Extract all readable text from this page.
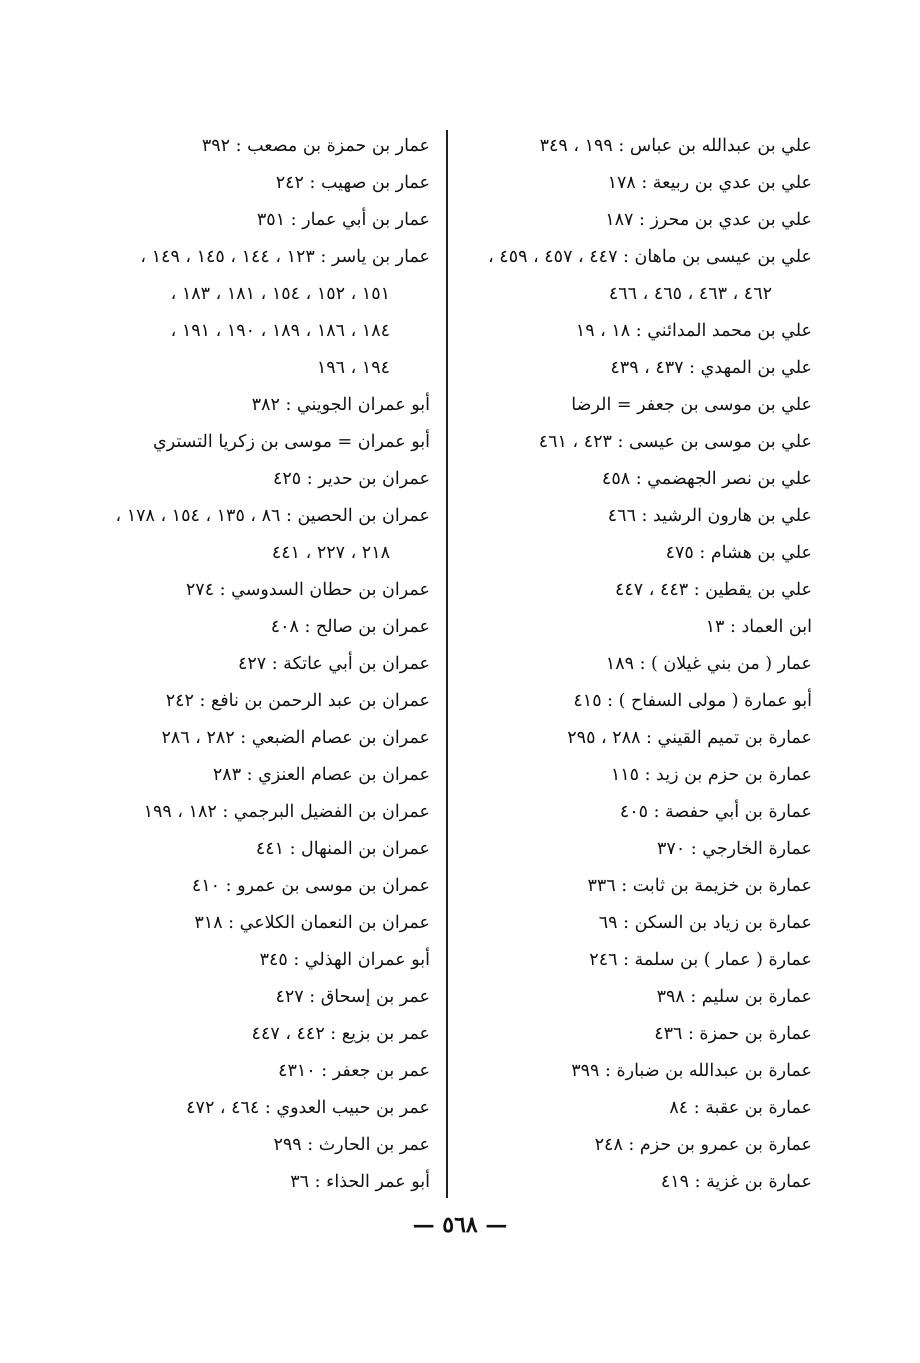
علي بن عبدالله بن عباس : ١٩٩ ، ٣٤٩
علي بن عدي بن ربيعة : ١٧٨
علي بن عدي بن محرز : ١٨٧
علي بن عيسى بن ماهان : ٤٤٧ ، ٤٥٧ ، ٤٥٩ ،
٤٦٢ ، ٤٦٣ ، ٤٦٥ ، ٤٦٦
علي بن محمد المدائني : ١٨ ، ١٩
علي بن المهدي : ٤٣٧ ، ٤٣٩
علي بن موسى بن جعفر = الرضا
علي بن موسى بن عيسى : ٤٢٣ ، ٤٦١
علي بن نصر الجهضمي : ٤٥٨
علي بن هارون الرشيد : ٤٦٦
علي بن هشام : ٤٧٥
علي بن يقطين : ٤٤٣ ، ٤٤٧
ابن العماد : ١٣
عمار ( من بني غيلان ) : ١٨٩
أبو عمارة ( مولى السفاح ) : ٤١٥
عمارة بن تميم القيني : ٢٨٨ ، ٢٩٥
عمارة بن حزم بن زيد : ١١٥
عمارة بن أبي حفصة : ٤٠٥
عمارة الخارجي : ٣٧٠
عمارة بن خزيمة بن ثابت : ٣٣٦
عمارة بن زياد بن السكن : ٦٩
عمارة ( عمار ) بن سلمة : ٢٤٦
عمارة بن سليم : ٣٩٨
عمارة بن حمزة : ٤٣٦
عمارة بن عبدالله بن ضبارة : ٣٩٩
عمارة بن عقبة : ٨٤
عمارة بن عمرو بن حزم : ٢٤٨
عمارة بن غزية : ٤١٩
عمار بن حمزة بن مصعب : ٣٩٢
عمار بن صهيب : ٢٤٢
عمار بن أبي عمار : ٣٥١
عمار بن ياسر : ١٢٣ ، ١٤٤ ، ١٤٥ ، ١٤٩ ،
١٥١ ، ١٥٢ ، ١٥٤ ، ١٨١ ، ١٨٣ ،
١٨٤ ، ١٨٦ ، ١٨٩ ، ١٩٠ ، ١٩١ ،
١٩٤ ، ١٩٦
أبو عمران الجويني : ٣٨٢
أبو عمران = موسى بن زكريا التستري
عمران بن حدير : ٤٢٥
عمران بن الحصين : ٨٦ ، ١٣٥ ، ١٥٤ ، ١٧٨ ،
٢١٨ ، ٢٢٧ ، ٤٤١
عمران بن حطان السدوسي : ٢٧٤
عمران بن صالح : ٤٠٨
عمران بن أبي عاتكة : ٤٢٧
عمران بن عبد الرحمن بن نافع : ٢٤٢
عمران بن عصام الضبعي : ٢٨٢ ، ٢٨٦
عمران بن عصام العنزي : ٢٨٣
عمران بن الفضيل البرجمي : ١٨٢ ، ١٩٩
عمران بن المنهال : ٤٤١
عمران بن موسى بن عمرو : ٤١٠
عمران بن النعمان الكلاعي : ٣١٨
أبو عمران الهذلي : ٣٤٥
عمر بن إسحاق : ٤٢٧
عمر بن بزيع : ٤٤٢ ، ٤٤٧
عمر بن جعفر : ٤٣١٠
عمر بن حبيب العدوي : ٤٦٤ ، ٤٧٢
عمر بن الحارث : ٢٩٩
أبو عمر الحذاء : ٣٦
— ٥٦٨ —
